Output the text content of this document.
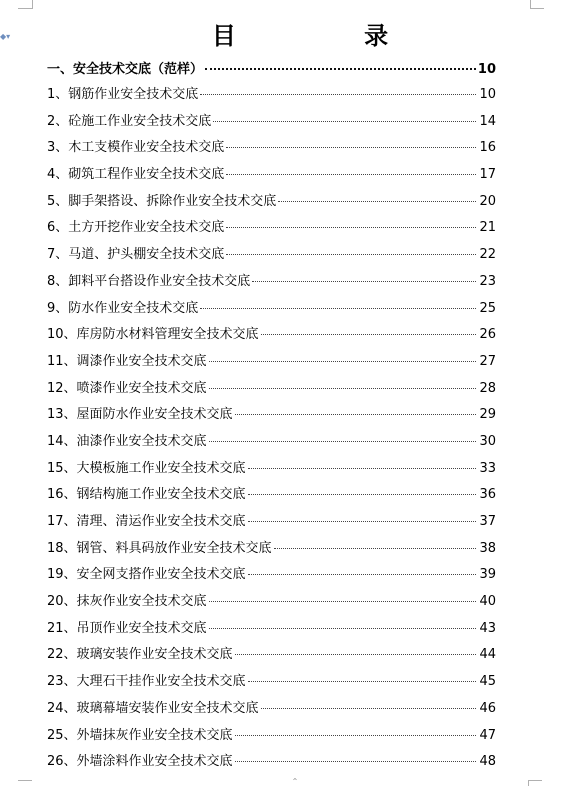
◆▾
⌃
目 录
一、安全技术交底（范样）	10
1、钢筋作业安全技术交底	10
2、砼施工作业安全技术交底	14
3、木工支模作业安全技术交底	16
4、砌筑工程作业安全技术交底	17
5、脚手架搭设、拆除作业安全技术交底	20
6、土方开挖作业安全技术交底	21
7、马道、护头棚安全技术交底	22
8、卸料平台搭设作业安全技术交底	23
9、防水作业安全技术交底	25
10、库房防水材料管理安全技术交底	26
11、调漆作业安全技术交底	27
12、喷漆作业安全技术交底	28
13、屋面防水作业安全技术交底	29
14、油漆作业安全技术交底	30
15、大模板施工作业安全技术交底	33
16、钢结构施工作业安全技术交底	36
17、清理、清运作业安全技术交底	37
18、钢管、料具码放作业安全技术交底	38
19、安全网支搭作业安全技术交底	39
20、抹灰作业安全技术交底	40
21、吊顶作业安全技术交底	43
22、玻璃安装作业安全技术交底	44
23、大理石干挂作业安全技术交底	45
24、玻璃幕墙安装作业安全技术交底	46
25、外墙抹灰作业安全技术交底	47
26、外墙涂料作业安全技术交底	48
